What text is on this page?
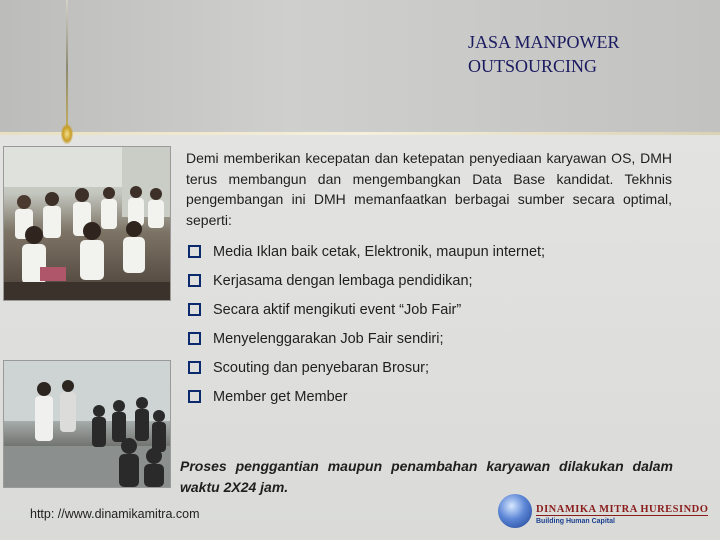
JASA MANPOWER
OUTSOURCING
Demi memberikan kecepatan dan ketepatan penyediaan karyawan OS, DMH terus membangun dan mengembangkan Data Base kandidat. Tekhnis pengembangan ini DMH memanfaatkan berbagai sumber secara optimal, seperti:
Media Iklan baik cetak, Elektronik, maupun internet;
Kerjasama dengan lembaga pendidikan;
Secara aktif mengikuti event “Job Fair”
Menyelenggarakan Job Fair sendiri;
Scouting dan penyebaran Brosur;
Member get Member
Proses penggantian maupun penambahan karyawan dilakukan dalam waktu 2X24 jam.
http: //www.dinamikamitra.com	DINAMIKA MITRA HURESINDO
Building Human Capital
